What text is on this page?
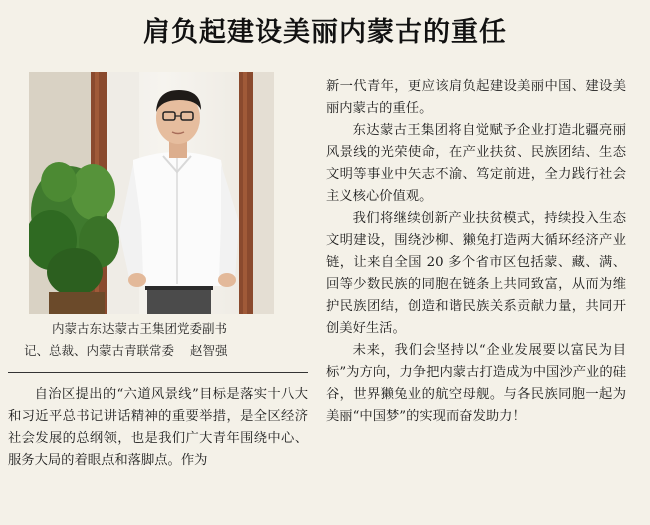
肩负起建设美丽内蒙古的重任
内蒙古东达蒙古王集团党委副书
记、总裁、内蒙古青联常委 赵智强

自治区提出的“六道风景线”目标是落实十八大和习近平总书记讲话精神的重要举措，是全区经济社会发展的总纲领，也是我们广大青年围绕中心、服务大局的着眼点和落脚点。作为

新一代青年，更应该肩负起建设美丽中国、建设美丽内蒙古的重任。

东达蒙古王集团将自觉赋予企业打造北疆亮丽风景线的光荣使命，在产业扶贫、民族团结、生态文明等事业中矢志不渝、笃定前进，全力践行社会主义核心价值观。

我们将继续创新产业扶贫模式，持续投入生态文明建设，围绕沙柳、獭兔打造两大循环经济产业链，让来自全国 20 多个省市区包括蒙、藏、满、回等少数民族的同胞在链条上共同致富，从而为维护民族团结，创造和谐民族关系贡献力量，共同开创美好生活。

未来，我们会坚持以“企业发展要以富民为目标”为方向，力争把内蒙古打造成为中国沙产业的硅谷，世界獭兔业的航空母舰。与各民族同胞一起为美丽“中国梦”的实现而奋发助力！
